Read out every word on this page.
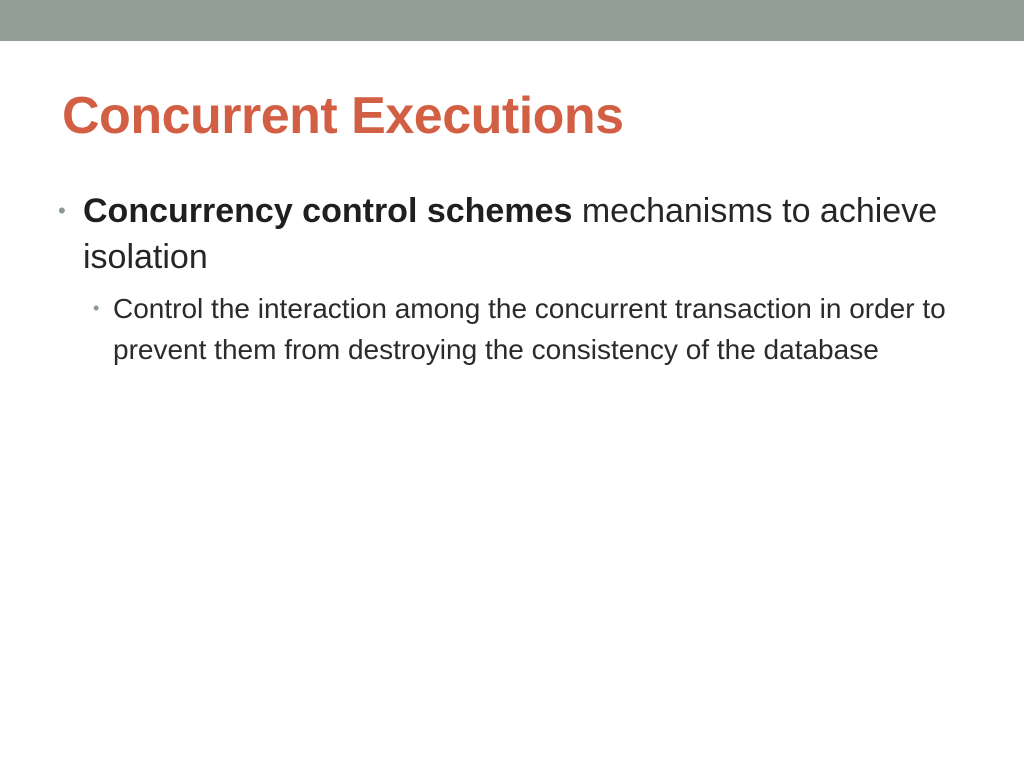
Concurrent Executions
• Concurrency control schemes mechanisms to achieve isolation
• Control the interaction among the concurrent transaction in order to prevent them from destroying the consistency of the database
